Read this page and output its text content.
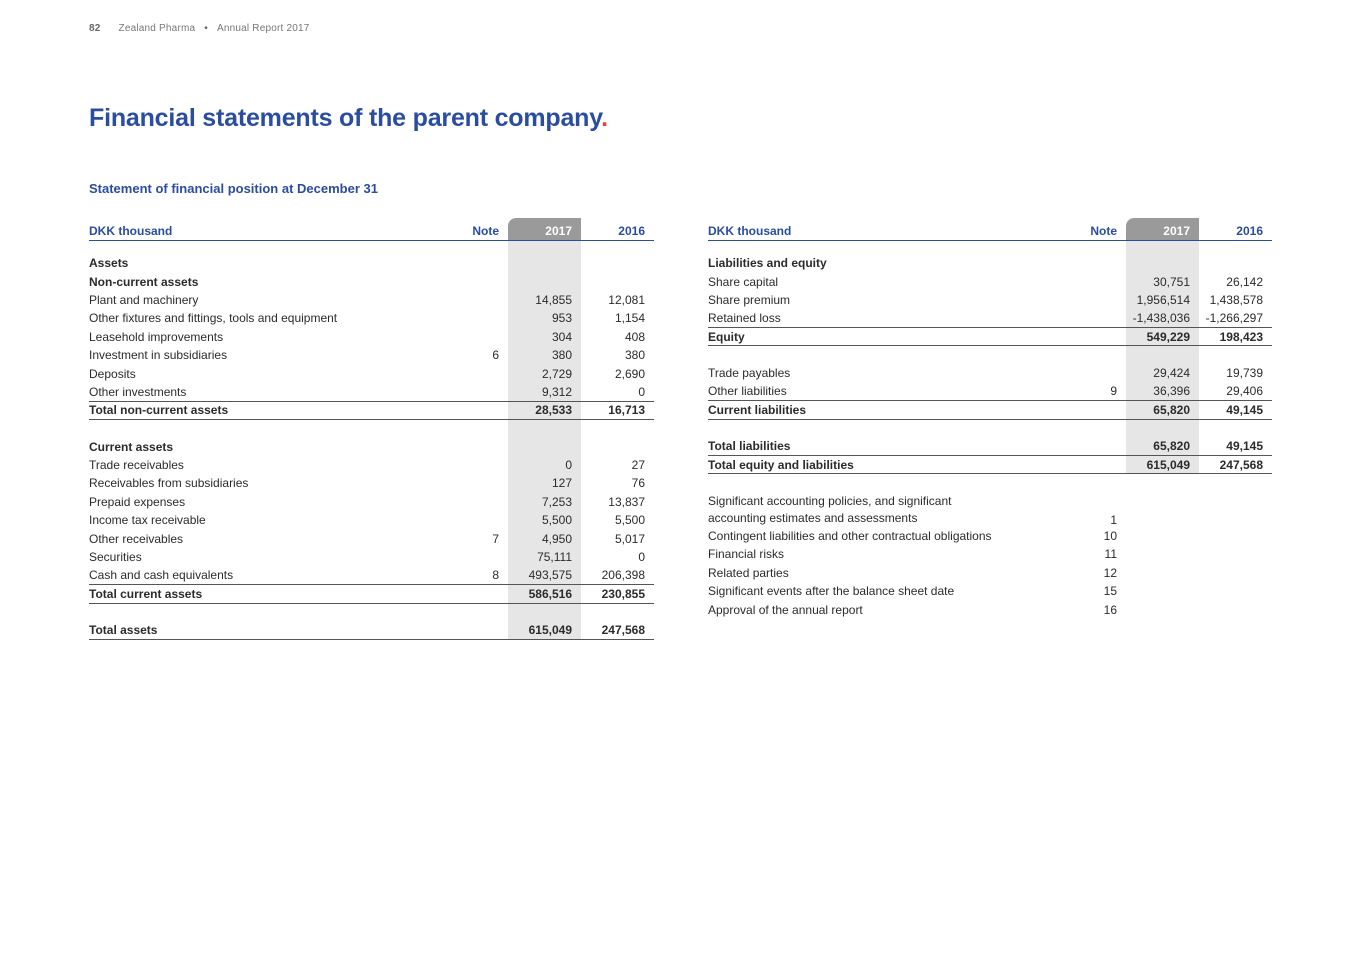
82 Zealand Pharma • Annual Report 2017
Financial statements of the parent company.
Statement of financial position at December 31
DKK thousand	Note	2017	2016

Assets			
Non-current assets			
Plant and machinery		14,855	12,081
Other fixtures and fittings, tools and equipment		953	1,154
Leasehold improvements		304	408
Investment in subsidiaries	6	380	380
Deposits		2,729	2,690
Other investments		9,312	0
Total non-current assets		28,533	16,713

Current assets			
Trade receivables		0	27
Receivables from subsidiaries		127	76
Prepaid expenses		7,253	13,837
Income tax receivable		5,500	5,500
Other receivables	7	4,950	5,017
Securities		75,111	0
Cash and cash equivalents	8	493,575	206,398
Total current assets		586,516	230,855

Total assets		615,049	247,568
DKK thousand	Note	2017	2016

Liabilities and equity			
Share capital		30,751	26,142
Share premium		1,956,514	1,438,578
Retained loss		-1,438,036	-1,266,297
Equity		549,229	198,423

Trade payables		29,424	19,739
Other liabilities	9	36,396	29,406
Current liabilities		65,820	49,145

Total liabilities		65,820	49,145
Total equity and liabilities		615,049	247,568

Significant accounting policies, and significant accounting estimates and assessments	1		
Contingent liabilities and other contractual obligations	10		
Financial risks	11		
Related parties	12		
Significant events after the balance sheet date	15		
Approval of the annual report	16		
